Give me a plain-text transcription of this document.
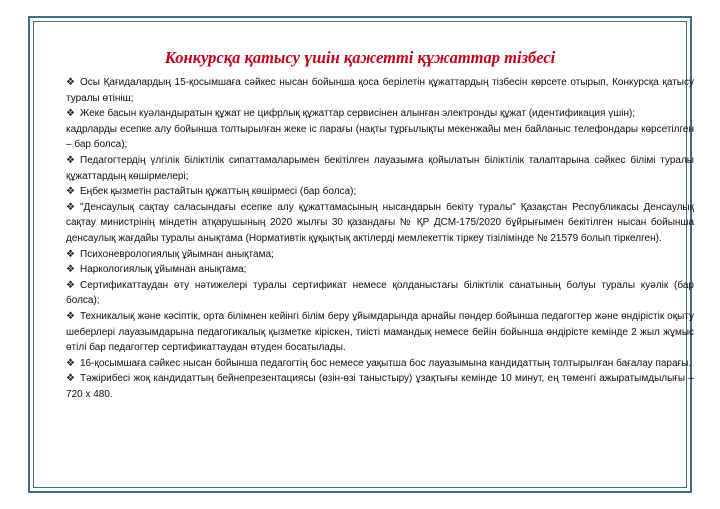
Конкурсқа қатысу үшін қажетті құжаттар тізбесі
❖ Осы Қағидалардың 15-қосымшаға сәйкес нысан бойынша қоса берілетін құжаттардың тізбесін көрсете отырып, Конкурсқа қатысу туралы өтініш;
❖ Жеке басын куәландыратын құжат не цифрлық құжаттар сервисінен алынған электронды құжат (идентификация үшін);
кадрларды есепке алу бойынша толтырылған жеке іс парағы (нақты тұрғылықты мекенжайы мен байланыс телефондары көрсетілген – бар болса);
❖ Педагогтердің үлгілік біліктілік сипаттамаларымен бекітілген лауазымға қойылатын біліктілік талаптарына сәйкес білімі туралы құжаттардың көшірмелері;
❖ Еңбек қызметін растайтын құжаттың көшірмесі (бар болса);
❖ "Денсаулық сақтау саласындағы есепке алу құжаттамасының нысандарын бекіту туралы" Қазақстан Республикасы Денсаулық сақтау министрінің міндетін атқарушының 2020 жылғы 30 қазандағы № ҚР ДСМ-175/2020 бұйрығымен бекітілген нысан бойынша денсаулық жағдайы туралы анықтама (Нормативтік құқықтық актілерді мемлекеттік тіркеу тізілімінде № 21579 болып тіркелген).
❖ Психоневрологиялық ұйымнан анықтама;
❖ Наркологиялық ұйымнан анықтама;
❖ Сертификаттаудан өту нәтижелері туралы сертификат немесе қолданыстағы біліктілік санатының болуы туралы куәлік (бар болса);
❖ Техникалық және кәсіптік, орта білімнен кейінгі білім беру ұйымдарында арнайы пәндер бойынша педагогтер және өндірістік оқыту шеберлері лауазымдарына педагогикалық қызметке кіріскен, тиісті мамандық немесе бейін бойынша өндірісте кемінде 2 жыл жұмыс өтілі бар педагогтер сертификаттаудан өтуден босатылады.
❖ 16-қосымшаға сәйкес нысан бойынша педагогтің бос немесе уақытша бос лауазымына кандидаттың толтырылған бағалау парағы.
❖ Тәжірибесі жоқ кандидаттың бейнепрезентациясы (өзін-өзі таныстыру) ұзақтығы кемінде 10 минут, ең төменгі ажыратымдылығы – 720 x 480.
